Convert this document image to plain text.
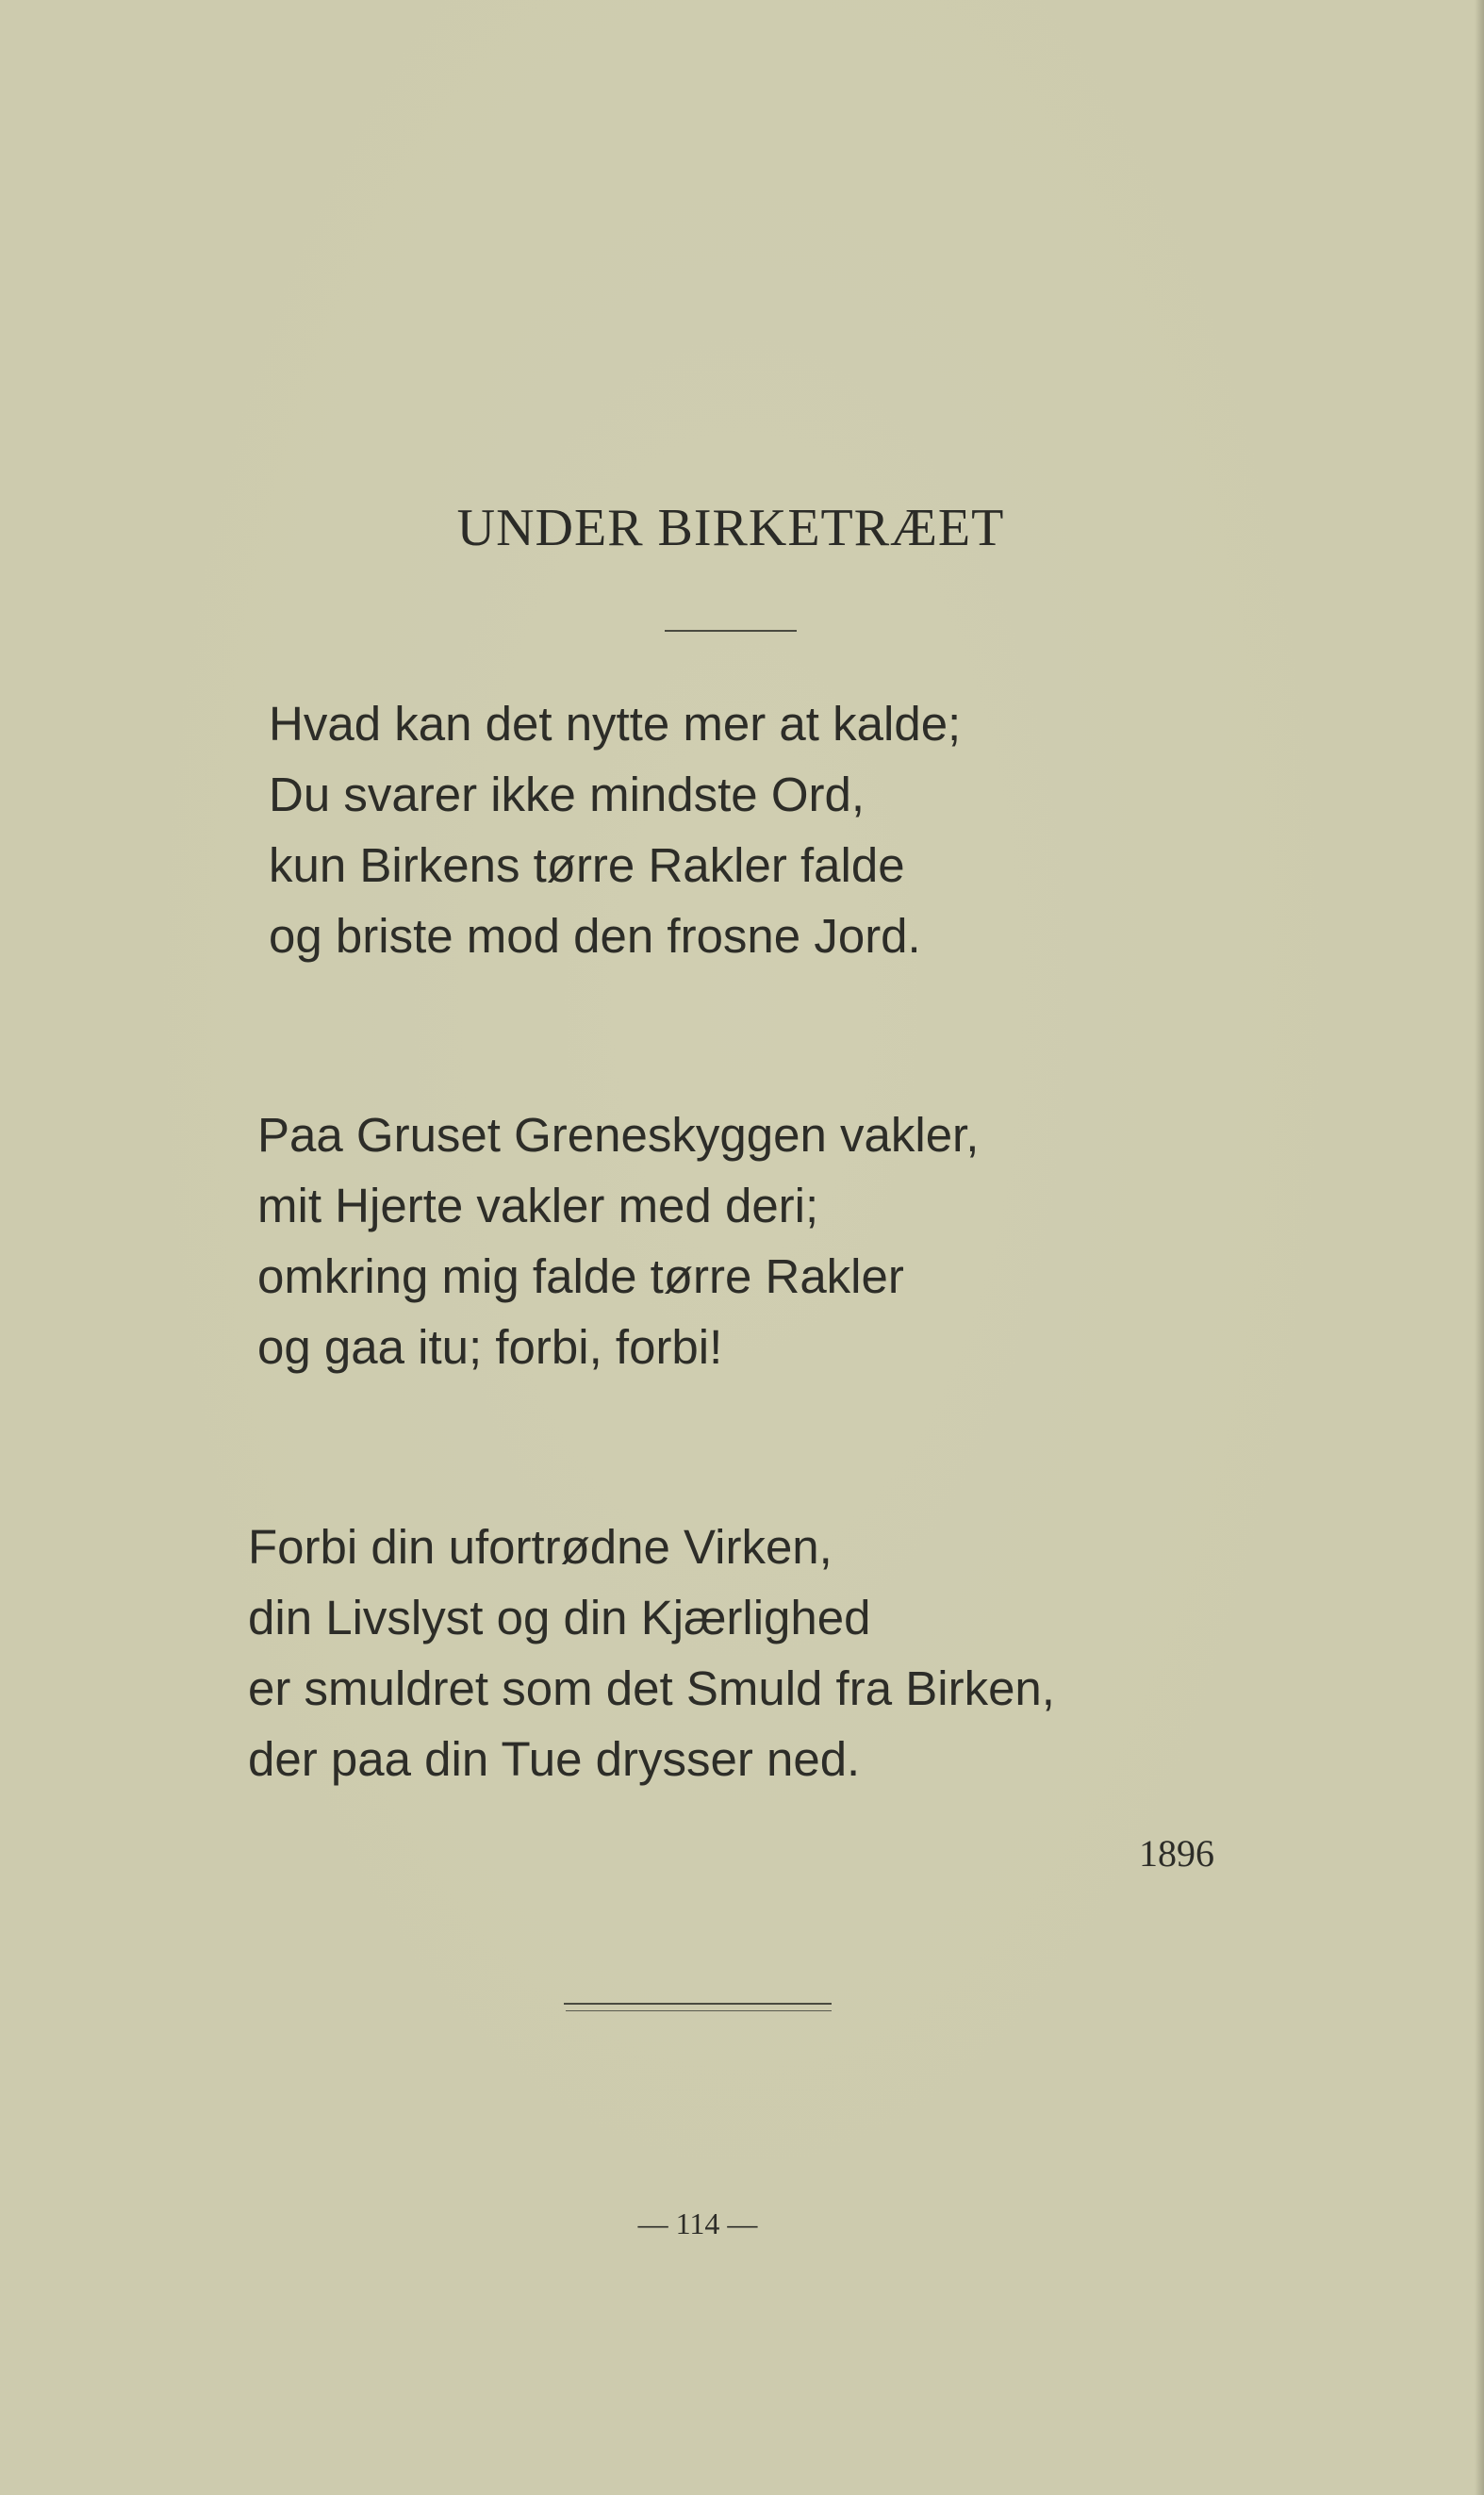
UNDER BIRKETRÆET
Hvad kan det nytte mer at kalde;
Du svarer ikke mindste Ord,
kun Birkens tørre Rakler falde
og briste mod den frosne Jord.
Paa Gruset Greneskyggen vakler,
mit Hjerte vakler med deri;
omkring mig falde tørre Rakler
og gaa itu; forbi, forbi!
Forbi din ufortrødne Virken,
din Livslyst og din Kjærlighed
er smuldret som det Smuld fra Birken,
der paa din Tue drysser ned.
1896
— 114 —
